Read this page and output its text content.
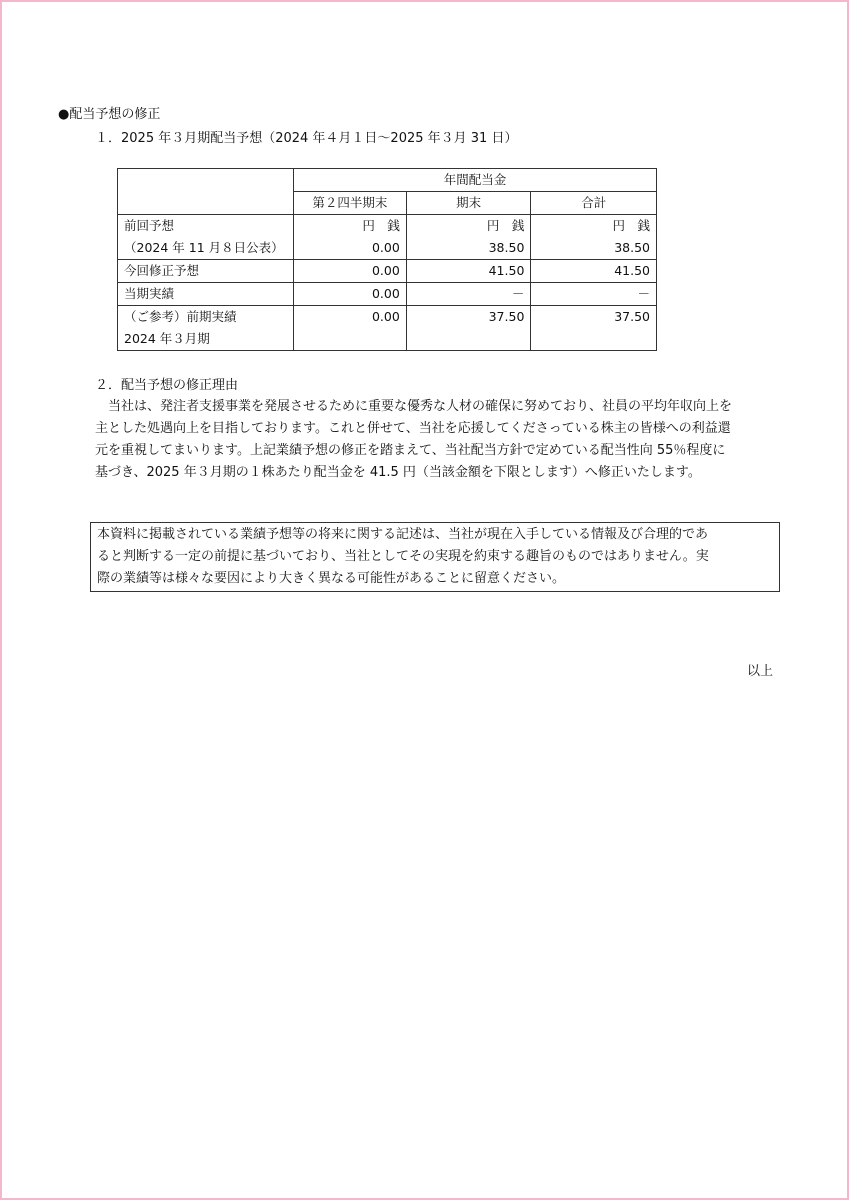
●配当予想の修正
１．2025 年３月期配当予想（2024 年４月１日～2025 年３月 31 日）
	年間配当金		
	第２四半期末	期末	合計
前回予想	円　銭	円　銭	円　銭
（2024 年 11 月８日公表）	0.00	38.50	38.50
今回修正予想	0.00	41.50	41.50
当期実績	0.00	－	－
（ご参考）前期実績	0.00	37.50	37.50
2024 年３月期			
２．配当予想の修正理由
　当社は、発注者支援事業を発展させるために重要な優秀な人材の確保に努めており、社員の平均年収向上を
主とした処遇向上を目指しております。これと併せて、当社を応援してくださっている株主の皆様への利益還
元を重視してまいります。上記業績予想の修正を踏まえて、当社配当方針で定めている配当性向 55％程度に
基づき、2025 年３月期の１株あたり配当金を 41.5 円（当該金額を下限とします）へ修正いたします。
本資料に掲載されている業績予想等の将来に関する記述は、当社が現在入手している情報及び合理的であ
ると判断する一定の前提に基づいており、当社としてその実現を約束する趣旨のものではありません。実
際の業績等は様々な要因により大きく異なる可能性があることに留意ください。
以上
